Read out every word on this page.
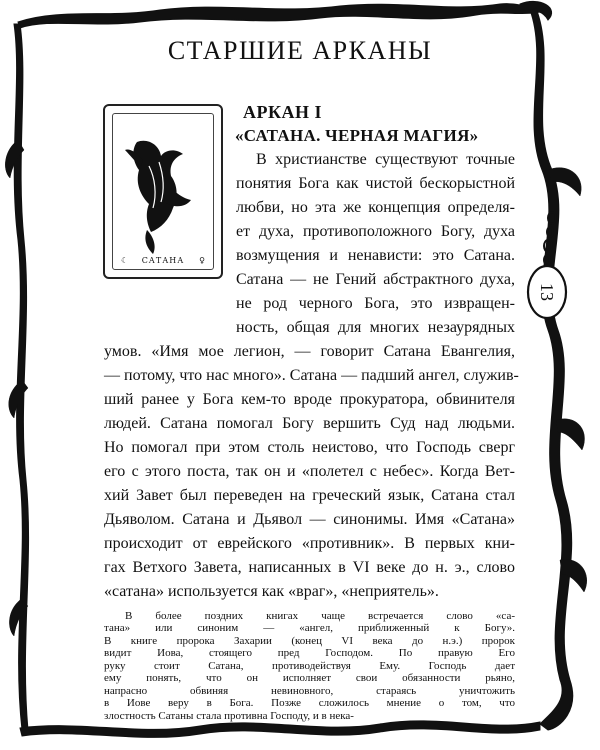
13
СТАРШИЕ АРКАНЫ
☾	САТАНА	♀
АРКАН I
«САТАНА. ЧЕРНАЯ МАГИЯ»
В христианстве существуют точные
понятия Бога как чистой бескорыстной
любви, но эта же концепция определя-
ет духа, противоположного Богу, духа
возмущения и ненависти: это Сатана.
Сатана — не Гений абстрактного духа,
не род черного Бога, это извращен-
ность, общая для многих незаурядных
умов. «Имя мое легион, — говорит Сатана Евангелия,
— потому, что нас много». Сатана — падший ангел, служив-
ший ранее у Бога кем-то вроде прокуратора, обвинителя
людей. Сатана помогал Богу вершить Суд над людьми.
Но помогал при этом столь неистово, что Господь сверг
его с этого поста, так он и «полетел с небес». Когда Вет-
хий Завет был переведен на греческий язык, Сатана стал
Дьяволом. Сатана и Дьявол — синонимы. Имя «Сатана»
происходит от еврейского «противник». В первых кни-
гах Ветхого Завета, написанных в VI веке до н. э., слово
«сатана» используется как «враг», «неприятель».
В более поздних книгах чаще встречается слово «са-
тана» или синоним — «ангел, приближенный к Богу».
В книге пророка Захарии (конец VI века до н.э.) пророк
видит Иова, стоящего пред Господом. По правую Его
руку стоит Сатана, противодействуя Ему. Господь дает
ему понять, что он исполняет свои обязанности рьяно,
напрасно обвиняя невиновного, стараясь уничтожить
в Иове веру в Бога. Позже сложилось мнение о том, что
злостность Сатаны стала противна Господу, и в нека-
